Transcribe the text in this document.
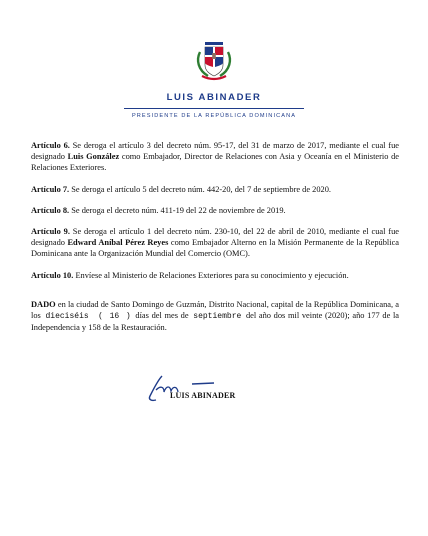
LUIS ABINADER
PRESIDENTE DE LA REPÚBLICA DOMINICANA

Artículo 6. Se deroga el artículo 3 del decreto núm. 95-17, del 31 de marzo de 2017, mediante el cual fue designado Luis González como Embajador, Director de Relaciones con Asia y Oceanía en el Ministerio de Relaciones Exteriores.

Artículo 7. Se deroga el artículo 5 del decreto núm. 442-20, del 7 de septiembre de 2020.

Artículo 8. Se deroga el decreto núm. 411-19 del 22 de noviembre de 2019.

Artículo 9. Se deroga el artículo 1 del decreto núm. 230-10, del 22 de abril de 2010, mediante el cual fue designado Edward Aníbal Pérez Reyes como Embajador Alterno en la Misión Permanente de la República Dominicana ante la Organización Mundial del Comercio (OMC).

Artículo 10. Envíese al Ministerio de Relaciones Exteriores para su conocimiento y ejecución.

DADO en la ciudad de Santo Domingo de Guzmán, Distrito Nacional, capital de la República Dominicana, a los dieciséis ( 16 ) días del mes de septiembre del año dos mil veinte (2020); año 177 de la Independencia y 158 de la Restauración.

LUIS ABINADER
